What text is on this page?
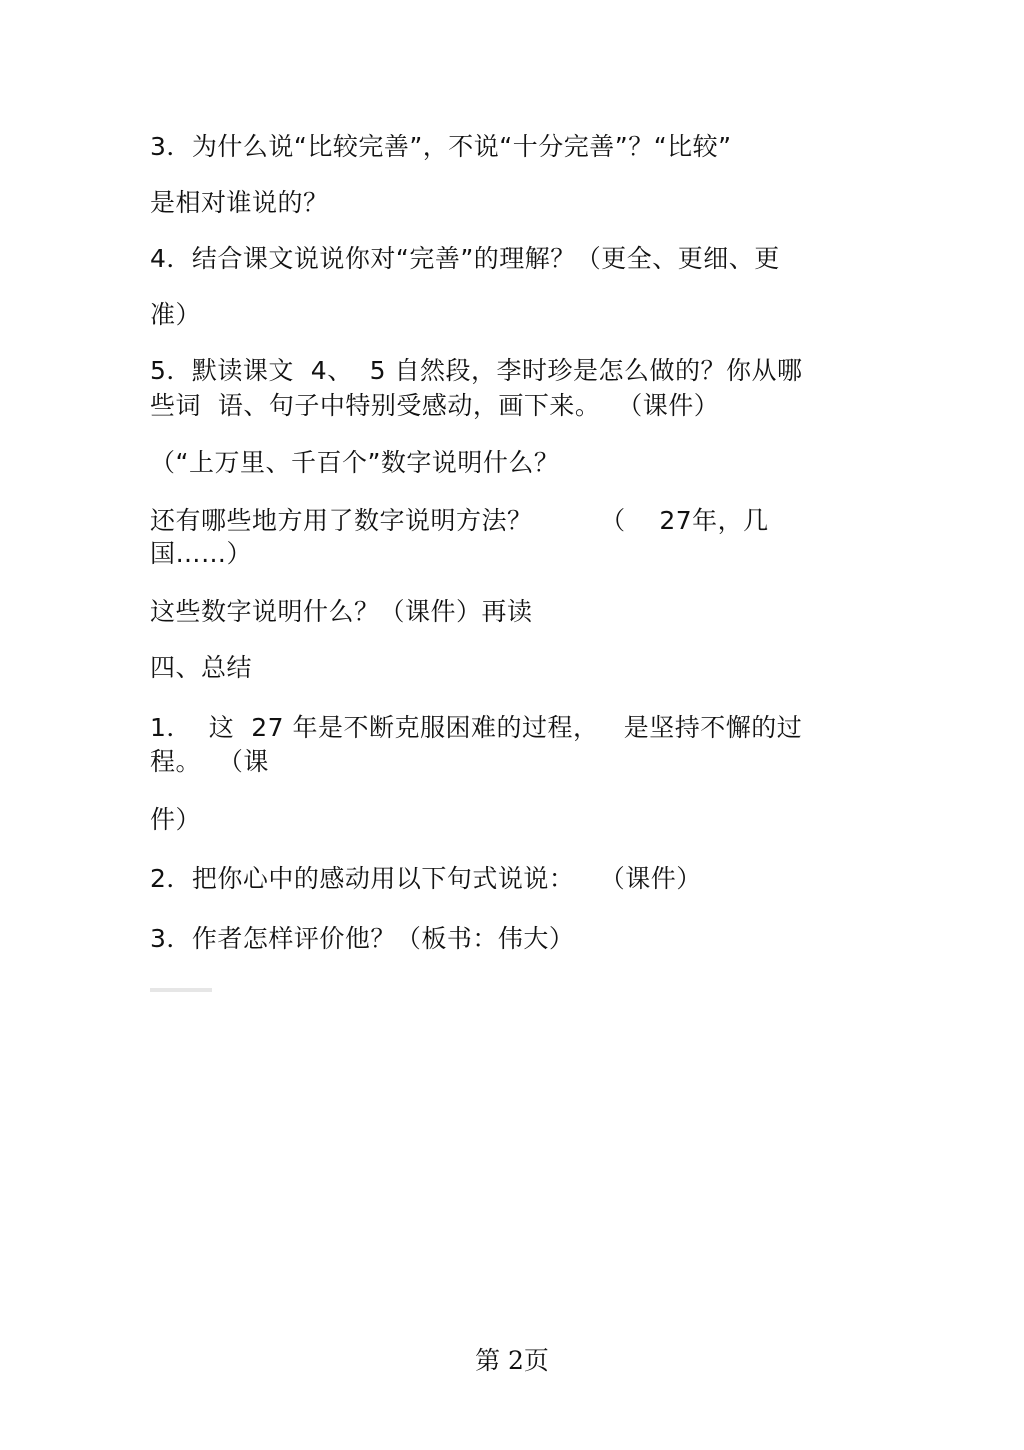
3．为什么说“比较完善”，不说“十分完善”？“比较”
是相对谁说的？
4．结合课文说说你对“完善”的理解？（更全、更细、更
准）
5．默读课文  4、  5 自然段，李时珍是怎么做的？你从哪
些词  语、句子中特别受感动，画下来。  （课件）
（“上万里、千百个”数字说明什么？
还有哪些地方用了数字说明方法？        （    27年，几
国……）
这些数字说明什么？（课件）再读
四、总结
1．  这  27 年是不断克服困难的过程，   是坚持不懈的过
程。  （课
件）
2．把你心中的感动用以下句式说说：   （课件）
3．作者怎样评价他？（板书：伟大）
第 2页
